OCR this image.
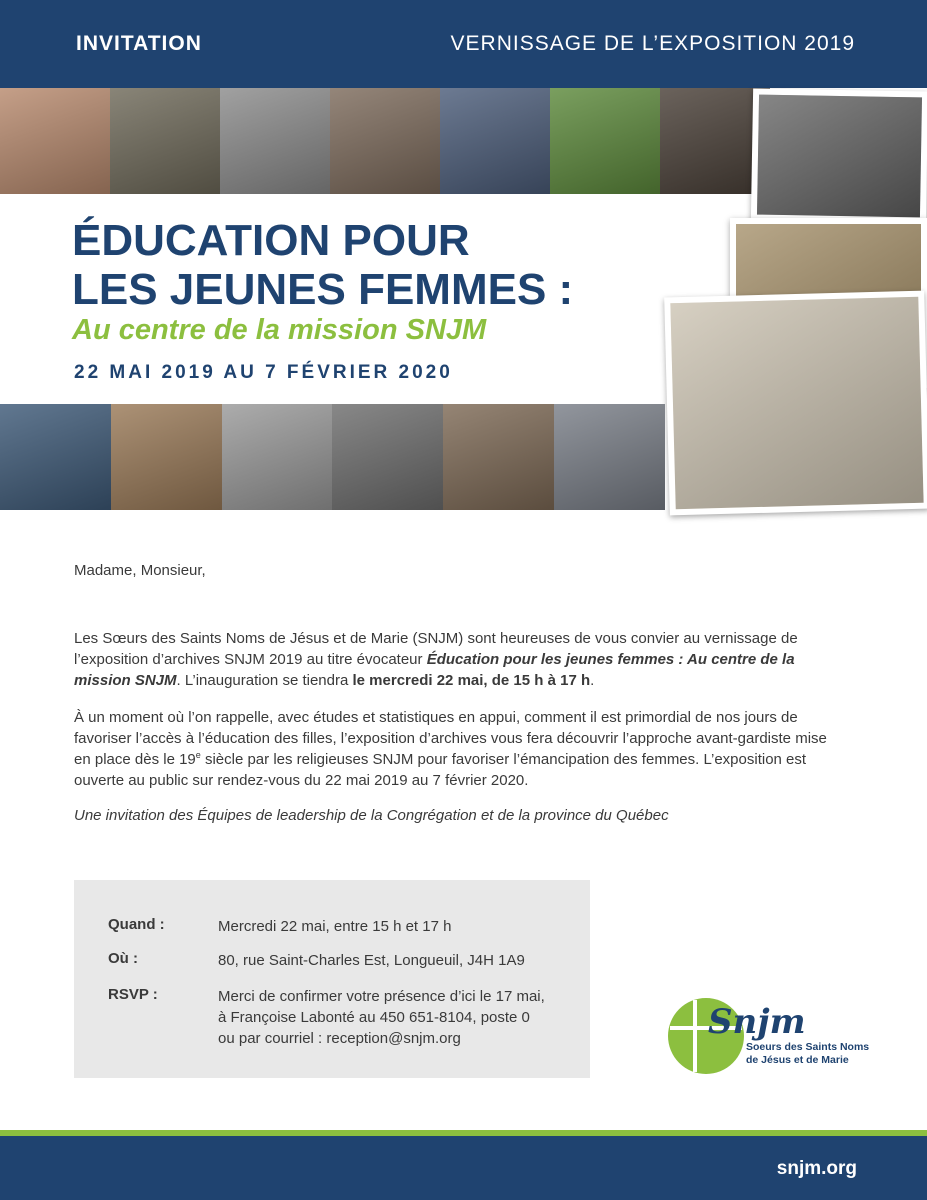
INVITATION	VERNISSAGE DE L’EXPOSITION 2019
ÉDUCATION POUR
LES JEUNES FEMMES :
Au centre de la mission SNJM
22 MAI 2019 AU 7 FÉVRIER 2020
Madame, Monsieur,
Les Sœurs des Saints Noms de Jésus et de Marie (SNJM) sont heureuses de vous convier au vernissage de l’exposition d’archives SNJM 2019 au titre évocateur Éducation pour les jeunes femmes : Au centre de la mission SNJM. L’inauguration se tiendra le mercredi 22 mai, de 15 h à 17 h.
À un moment où l’on rappelle, avec études et statistiques en appui, comment il est primordial de nos jours de favoriser l’accès à l’éducation des filles, l’exposition d’archives vous fera découvrir l’approche avant-gardiste mise en place dès le 19e siècle par les religieuses SNJM pour favoriser l’émancipation des femmes. L’exposition est ouverte au public sur rendez-vous du 22 mai 2019 au 7 février 2020.
Une invitation des Équipes de leadership de la Congrégation et de la province du Québec
Quand :	Mercredi 22 mai, entre 15 h et 17 h
Où :	80, rue Saint-Charles Est, Longueuil, J4H 1A9
RSVP :	Merci de confirmer votre présence d’ici le 17 mai,
à Françoise Labonté au 450 651-8104, poste 0
ou par courriel : reception@snjm.org	Snjm
Soeurs des Saints Noms
de Jésus et de Marie
snjm.org
